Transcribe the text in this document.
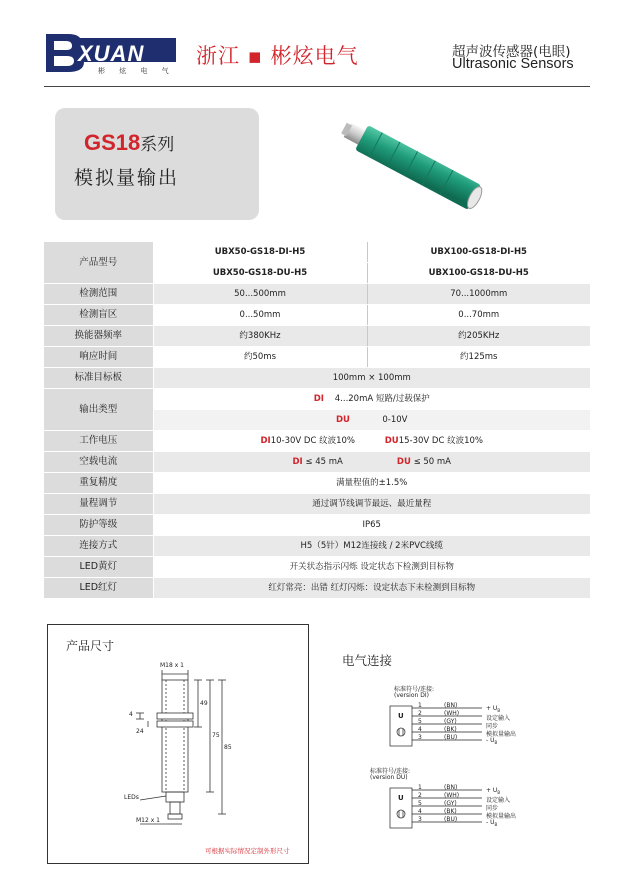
XUAN
彬 炫 电 气
浙江 ▪ 彬炫电气	超声波传感器(电眼)
Ultrasonic Sensors
GS18系列
模拟量输出
产品型号	UBX50-GS18-DI-H5	UBX100-GS18-DI-H5
	UBX50-GS18-DU-H5	UBX100-GS18-DU-H5
检测范围	50...500mm	70...1000mm
检测盲区	0...50mm	0...70mm
换能器频率	约380KHz	约205KHz
响应时间	约50ms	约125ms
标准目标板	100mm × 100mm	
输出类型	DI 4...20mA 短路/过载保护	
	DU 0-10V	
工作电压	DI10-30V DC 纹波10% DU15-30V DC 纹波10%	
空载电流	DI ≤ 45 mA DU ≤ 50 mA	
重复精度	满量程值的±1.5%	
量程调节	通过调节线调节最远、最近量程	
防护等级	IP65	
连接方式	H5（5针）M12连接线 / 2米PVC线缆	
LED黄灯	开关状态指示闪烁 设定状态下检测到目标物	
LED红灯	红灯常亮：出错 红灯闪烁：设定状态下未检测到目标物	
产品尺寸
M18 x 1
4
24
49
75
85
LEDs
M12 x 1
可根据实际情况定制外形尺寸
电气连接
标准符号/连接:
(version DI)
U
1
2
5
4
3
(BN)
(WH)
(GY)
(BK)
(BU)
+ $U_B$
设定输入
同步
模拟量输出
- $U_B$
标准符号/连接:
(version DU)
U
1
2
5
4
3
(BN)
(WH)
(GY)
(BK)
(BU)
+ $U_B$
设定输入
同步
模拟量输出
- $U_B$
